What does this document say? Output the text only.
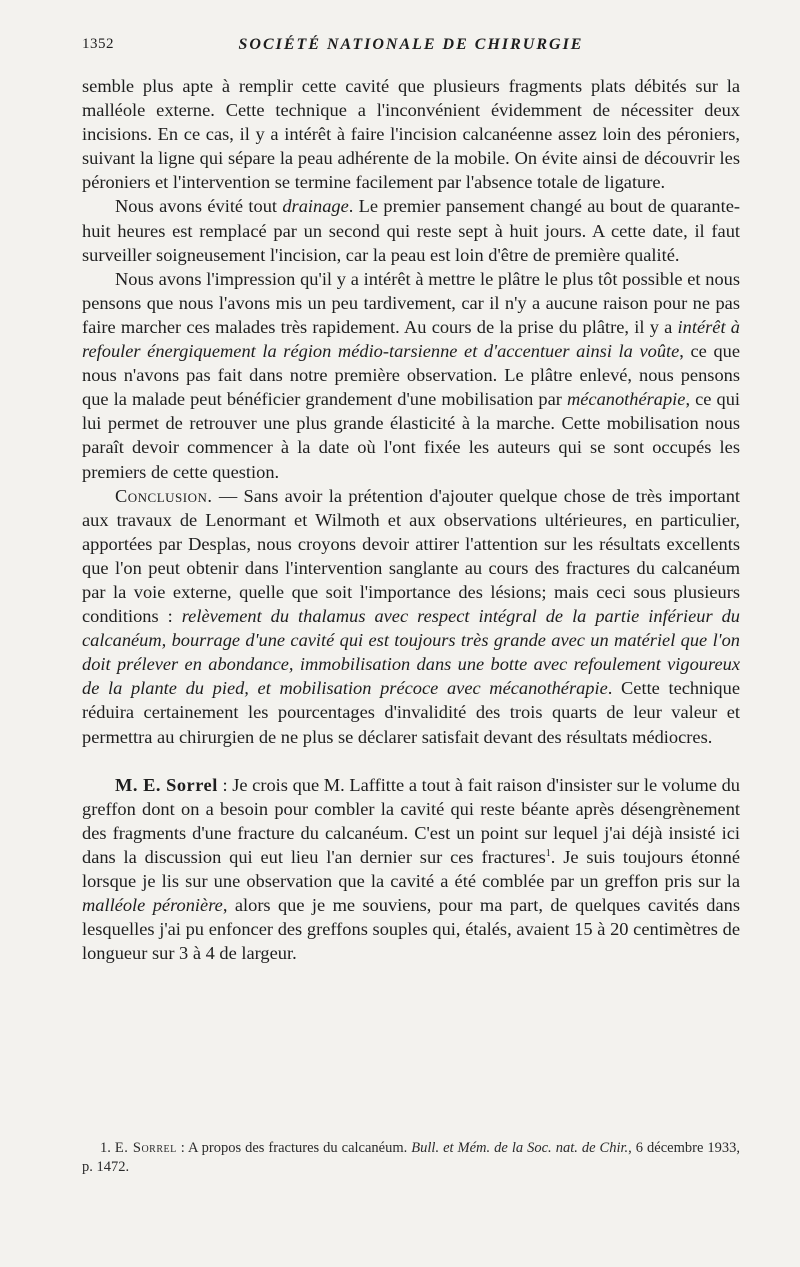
1352	SOCIÉTÉ NATIONALE DE CHIRURGIE

semble plus apte à remplir cette cavité que plusieurs fragments plats débités sur la malléole externe. Cette technique a l'inconvénient évidemment de nécessiter deux incisions. En ce cas, il y a intérêt à faire l'incision calcanéenne assez loin des péroniers, suivant la ligne qui sépare la peau adhérente de la mobile. On évite ainsi de découvrir les péroniers et l'intervention se termine facilement par l'absence totale de ligature.

Nous avons évité tout drainage. Le premier pansement changé au bout de quarante-huit heures est remplacé par un second qui reste sept à huit jours. A cette date, il faut surveiller soigneusement l'incision, car la peau est loin d'être de première qualité.

Nous avons l'impression qu'il y a intérêt à mettre le plâtre le plus tôt possible et nous pensons que nous l'avons mis un peu tardivement, car il n'y a aucune raison pour ne pas faire marcher ces malades très rapidement. Au cours de la prise du plâtre, il y a intérêt à refouler énergiquement la région médio-tarsienne et d'accentuer ainsi la voûte, ce que nous n'avons pas fait dans notre première observation. Le plâtre enlevé, nous pensons que la malade peut bénéficier grandement d'une mobilisation par mécanothérapie, ce qui lui permet de retrouver une plus grande élasticité à la marche. Cette mobilisation nous paraît devoir commencer à la date où l'ont fixée les auteurs qui se sont occupés les premiers de cette question.

Conclusion. — Sans avoir la prétention d'ajouter quelque chose de très important aux travaux de Lenormant et Wilmoth et aux observations ultérieures, en particulier, apportées par Desplas, nous croyons devoir attirer l'attention sur les résultats excellents que l'on peut obtenir dans l'intervention sanglante au cours des fractures du calcanéum par la voie externe, quelle que soit l'importance des lésions; mais ceci sous plusieurs conditions : relèvement du thalamus avec respect intégral de la partie inférieur du calcanéum, bourrage d'une cavité qui est toujours très grande avec un matériel que l'on doit prélever en abondance, immobilisation dans une botte avec refoulement vigoureux de la plante du pied, et mobilisation précoce avec mécanothérapie. Cette technique réduira certainement les pourcentages d'invalidité des trois quarts de leur valeur et permettra au chirurgien de ne plus se déclarer satisfait devant des résultats médiocres.

M. E. Sorrel : Je crois que M. Laffitte a tout à fait raison d'insister sur le volume du greffon dont on a besoin pour combler la cavité qui reste béante après désengrènement des fragments d'une fracture du calcanéum. C'est un point sur lequel j'ai déjà insisté ici dans la discussion qui eut lieu l'an dernier sur ces fractures$^1$. Je suis toujours étonné lorsque je lis sur une observation que la cavité a été comblée par un greffon pris sur la malléole péronière, alors que je me souviens, pour ma part, de quelques cavités dans lesquelles j'ai pu enfoncer des greffons souples qui, étalés, avaient 15 à 20 centimètres de longueur sur 3 à 4 de largeur.

1. E. Sorrel : A propos des fractures du calcanéum. Bull. et Mém. de la Soc. nat. de Chir., 6 décembre 1933, p. 1472.
